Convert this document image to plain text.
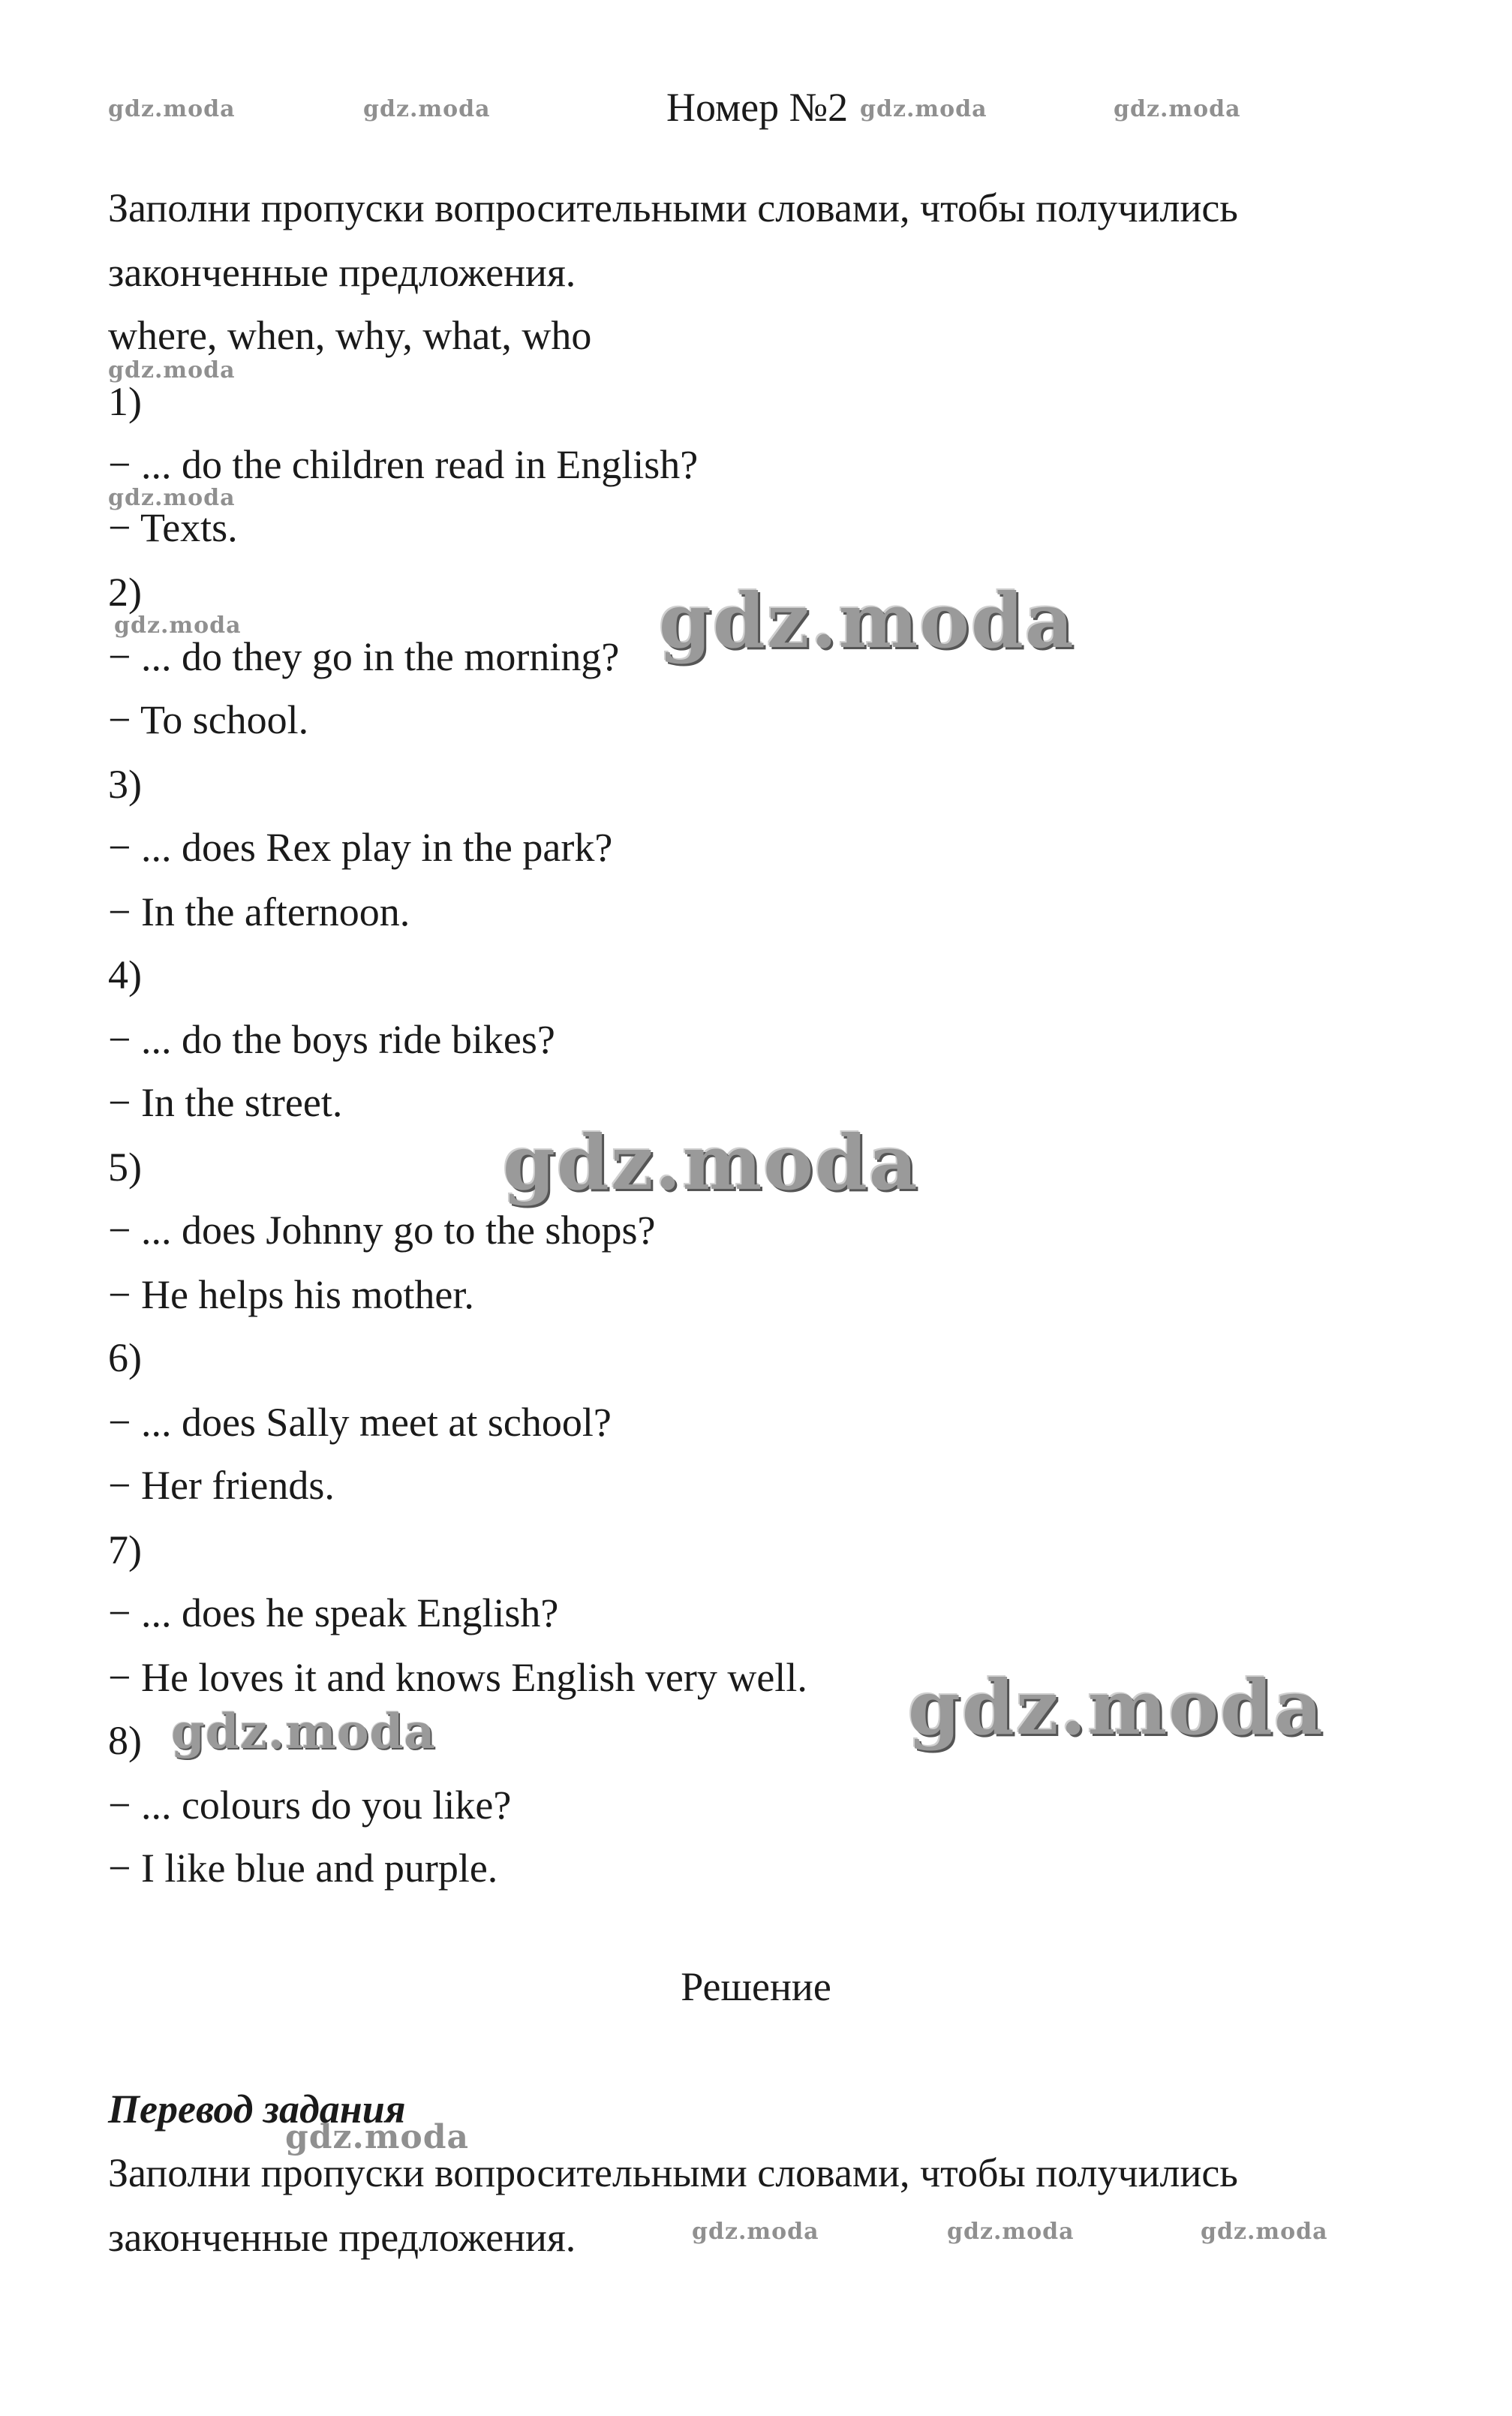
gdz.moda	gdz.moda	gdz.moda	gdz.moda
Номер №2
Заполни пропуски вопросительными словами, чтобы получились
законченные предложения.
where, when, why, what, who
gdz.moda
gdz.moda
gdz.moda
1)
− ... do the children read in English?
− Texts.
2)
− ... do they go in the morning?
− To school.
3)
− ... does Rex play in the park?
− In the afternoon.
4)
− ... do the boys ride bikes?
− In the street.
5)
− ... does Johnny go to the shops?
− He helps his mother.
6)
− ... does Sally meet at school?
− Her friends.
7)
− ... does he speak English?
− He loves it and knows English very well.
8)
− ... colours do you like?
− I like blue and purple.
Решение
Перевод задания
Заполни пропуски вопросительными словами, чтобы получились
законченные предложения.
gdz.moda
gdz.moda
gdz.moda
gdz.moda
gdz.moda
gdz.moda	gdz.moda	gdz.moda
